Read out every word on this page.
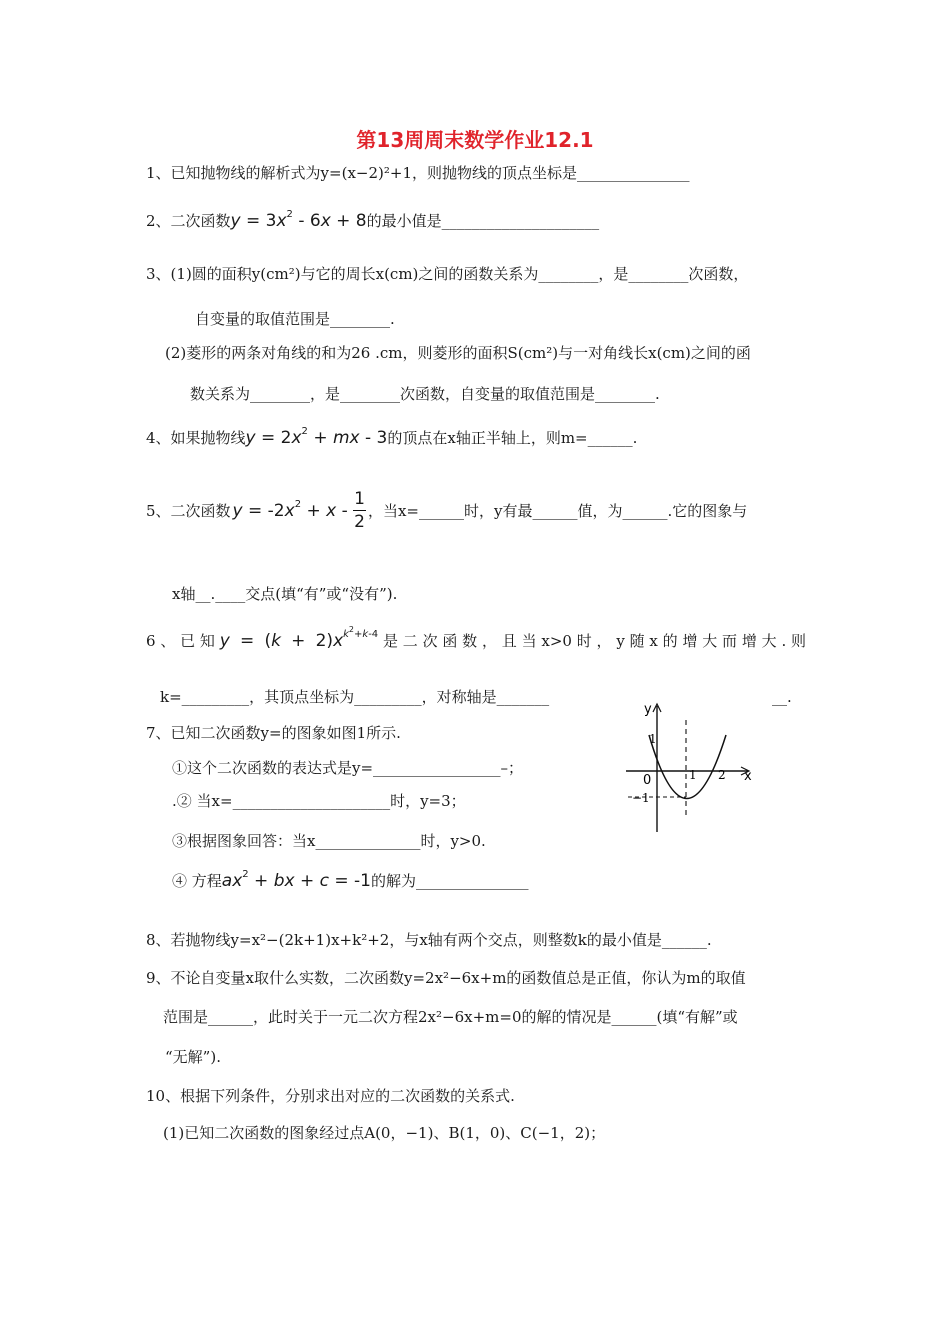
第13周周末数学作业12.1
1、已知抛物线的解析式为y=(x−2)²+1，则抛物线的顶点坐标是_______________
2、二次函数$y = 3x^2 - 6x + 8$的最小值是_____________________
3、(1)圆的面积y(cm²)与它的周长x(cm)之间的函数关系为________，是________次函数，
自变量的取值范围是________.
(2)菱形的两条对角线的和为26 .cm，则菱形的面积S(cm²)与一对角线长x(cm)之间的函
数关系为________，是________次函数，自变量的取值范围是________.
4、如果抛物线$y = 2x^2$ + mx - 3的顶点在x轴正半轴上，则m=______.
5、二次函数 $y = -2x^2 + x - \frac{1}{2}$ ，当x=______时，y有最______值，为______.它的图象与
x轴__.____交点(填“有”或“没有”).
6、已知$y = (k + 2)x^{k^2+k-4}$是二次函数，且当x>0时，y随x的增大而增大.则
k=_________，其顶点坐标为_________，对称轴是_______	__.
7、已知二次函数y=的图象如图1所示.
①这个二次函数的表达式是y=_________________–；
.② 当x=_____________________时，y=3；
③根据图象回答：当x______________时，y>0.
④ 方程$ax^2$ + bx + c = -1的解为_______________
y
x
0	1 2
1
−1
8、若抛物线y=x²−(2k+1)x+k²+2，与x轴有两个交点，则整数k的最小值是______.
9、不论自变量x取什么实数，二次函数y=2x²−6x+m的函数值总是正值，你认为m的取值
范围是______，此时关于一元二次方程2x²−6x+m=0的解的情况是______(填“有解”或
“无解”).
10、根据下列条件，分别求出对应的二次函数的关系式.
(1)已知二次函数的图象经过点A(0，−1)、B(1，0)、C(−1，2)；
